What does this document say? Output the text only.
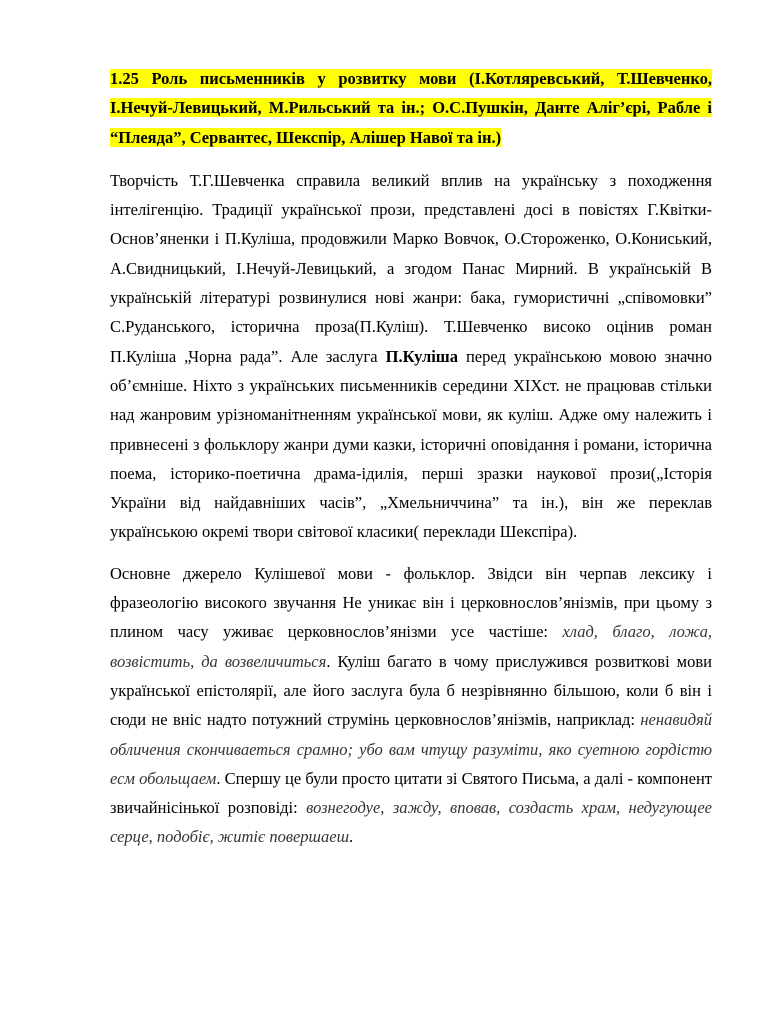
1.25 Роль письменників у розвитку мови (І.Котляревський, Т.Шевченко, І.Нечуй-Левицький, М.Рильський та ін.; О.С.Пушкін, Данте Аліг’єрі, Рабле і “Плеяда”, Сервантес, Шекспір, Алішер Навої та ін.)

Творчість Т.Г.Шевченка справила великий вплив на українську з походження інтелігенцію. Традиції української прози, представлені досі в повістях Г.Квітки-Основ’яненки і П.Куліша, продовжили Марко Вовчок, О.Стороженко, О.Кониський, А.Свидницький, І.Нечуй-Левицький, а згодом Панас Мирний. В українській В українській літературі розвинулися нові жанри: бака, гумористичні „співомовки” С.Руданського, історична проза(П.Куліш). Т.Шевченко високо оцінив роман П.Куліша „Чорна рада”. Але заслуга П.Куліша перед українською мовою значно об’ємніше. Ніхто з українських письменників середини XIXст. не працював стільки над жанровим урізноманітненням української мови, як куліш. Адже ому належить і привнесені з фольклору жанри думи казки, історичні оповідання і романи, історична поема, історико-поетична драма-ідилія, перші зразки наукової прози(„Історія України від найдавніших часів”, „Хмельниччина” та ін.), він же переклав українською окремі твори світової класики( переклади Шекспіра).

Основне джерело Кулішевої мови - фольклор. Звідси він черпав лексику і фразеологію високого звучання Не уникає він і церковнослов’янізмів, при цьому з плином часу уживає церковнослов’янізми усе частіше: хлад, благо, ложа, возвістить, да возвеличиться. Куліш багато в чому прислужився розвиткові мови української епістолярії, але його заслуга була б незрівнянно більшою, коли б він і сюди не вніс надто потужний струмінь церковнослов’янізмів, наприклад: ненавидяй обличения скончиваеться срамно; убо вам чтущу разуміти, яко суетною гордістю есм обольщаем. Спершу це були просто цитати зі Святого Письма, а далі - компонент звичайнісінької розповіді: вознегодуе, зажду, вповав, создасть храм, недугующее серце, подобіє, житіє повершаеш.
